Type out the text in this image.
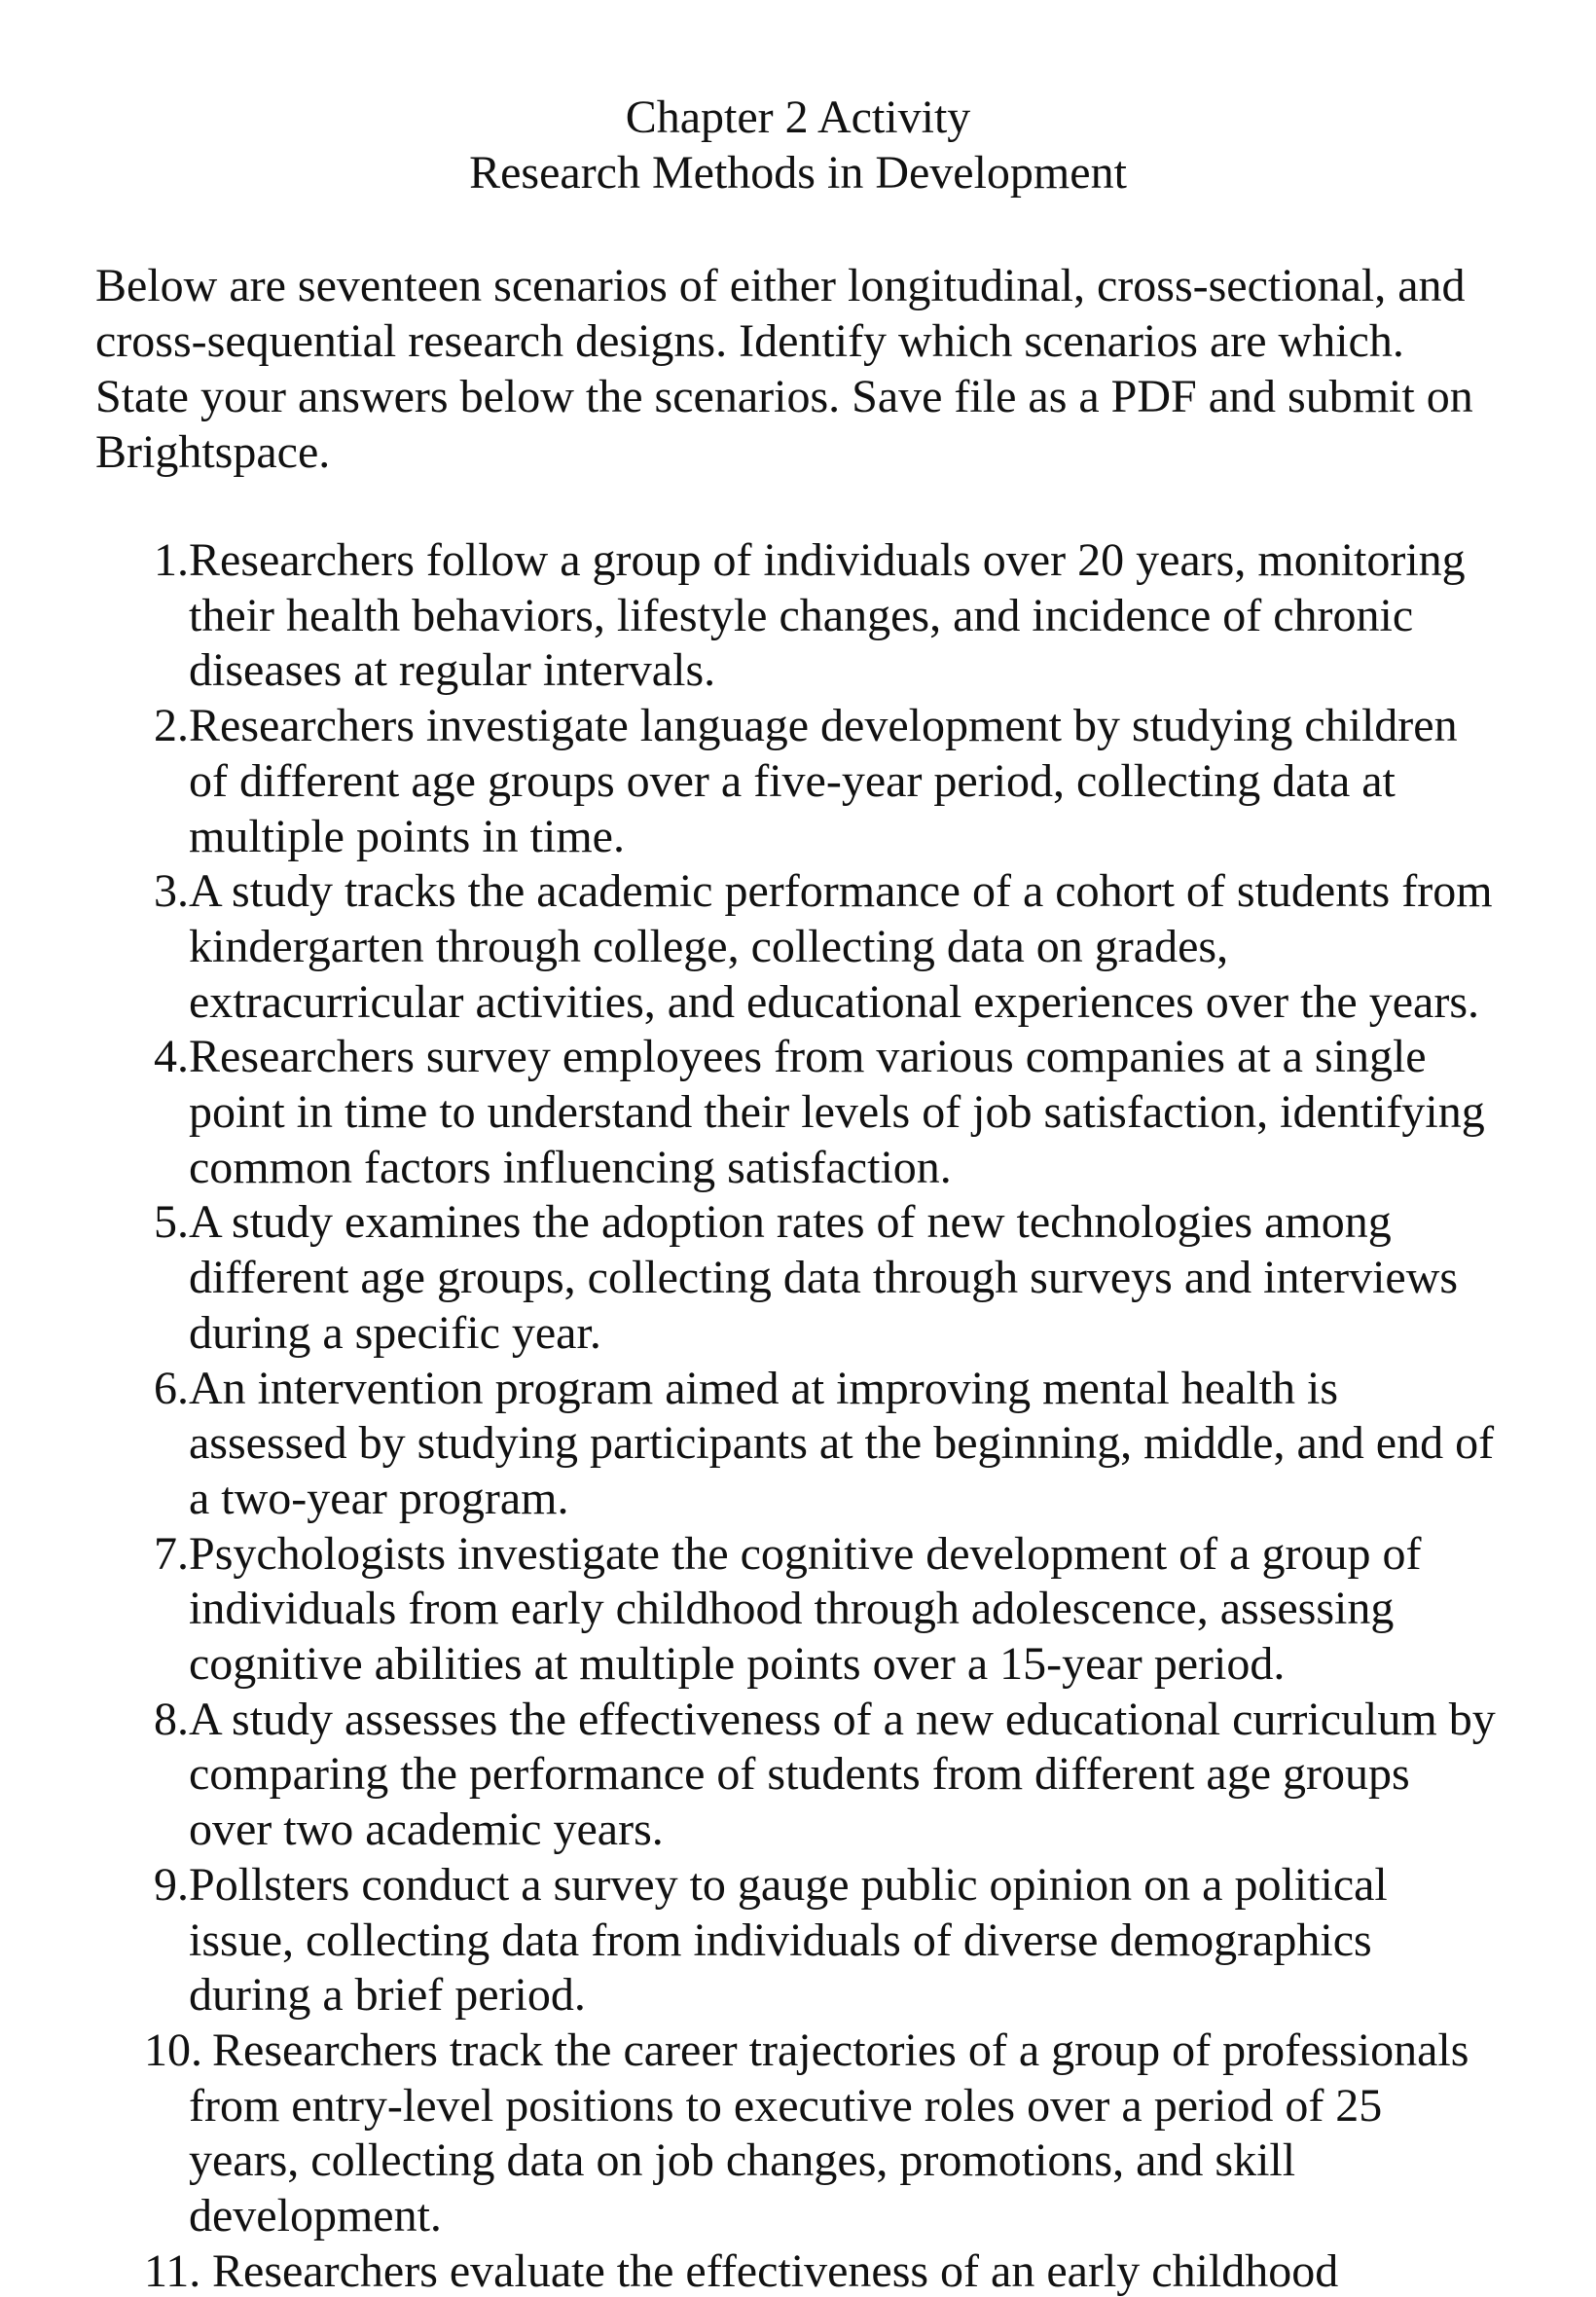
Chapter 2 Activity
Research Methods in Development
Below are seventeen scenarios of either longitudinal, cross-sectional, and
cross-sequential research designs. Identify which scenarios are which.
State your answers below the scenarios. Save file as a PDF and submit on
Brightspace.
1. Researchers follow a group of individuals over 20 years, monitoring
their health behaviors, lifestyle changes, and incidence of chronic
diseases at regular intervals.
2. Researchers investigate language development by studying children
of different age groups over a five-year period, collecting data at
multiple points in time.
3. A study tracks the academic performance of a cohort of students from
kindergarten through college, collecting data on grades,
extracurricular activities, and educational experiences over the years.
4. Researchers survey employees from various companies at a single
point in time to understand their levels of job satisfaction, identifying
common factors influencing satisfaction.
5. A study examines the adoption rates of new technologies among
different age groups, collecting data through surveys and interviews
during a specific year.
6. An intervention program aimed at improving mental health is
assessed by studying participants at the beginning, middle, and end of
a two-year program.
7. Psychologists investigate the cognitive development of a group of
individuals from early childhood through adolescence, assessing
cognitive abilities at multiple points over a 15-year period.
8. A study assesses the effectiveness of a new educational curriculum by
comparing the performance of students from different age groups
over two academic years.
9. Pollsters conduct a survey to gauge public opinion on a political
issue, collecting data from individuals of diverse demographics
during a brief period.
10. Researchers track the career trajectories of a group of professionals
from entry-level positions to executive roles over a period of 25
years, collecting data on job changes, promotions, and skill
development.
11. Researchers evaluate the effectiveness of an early childhood
